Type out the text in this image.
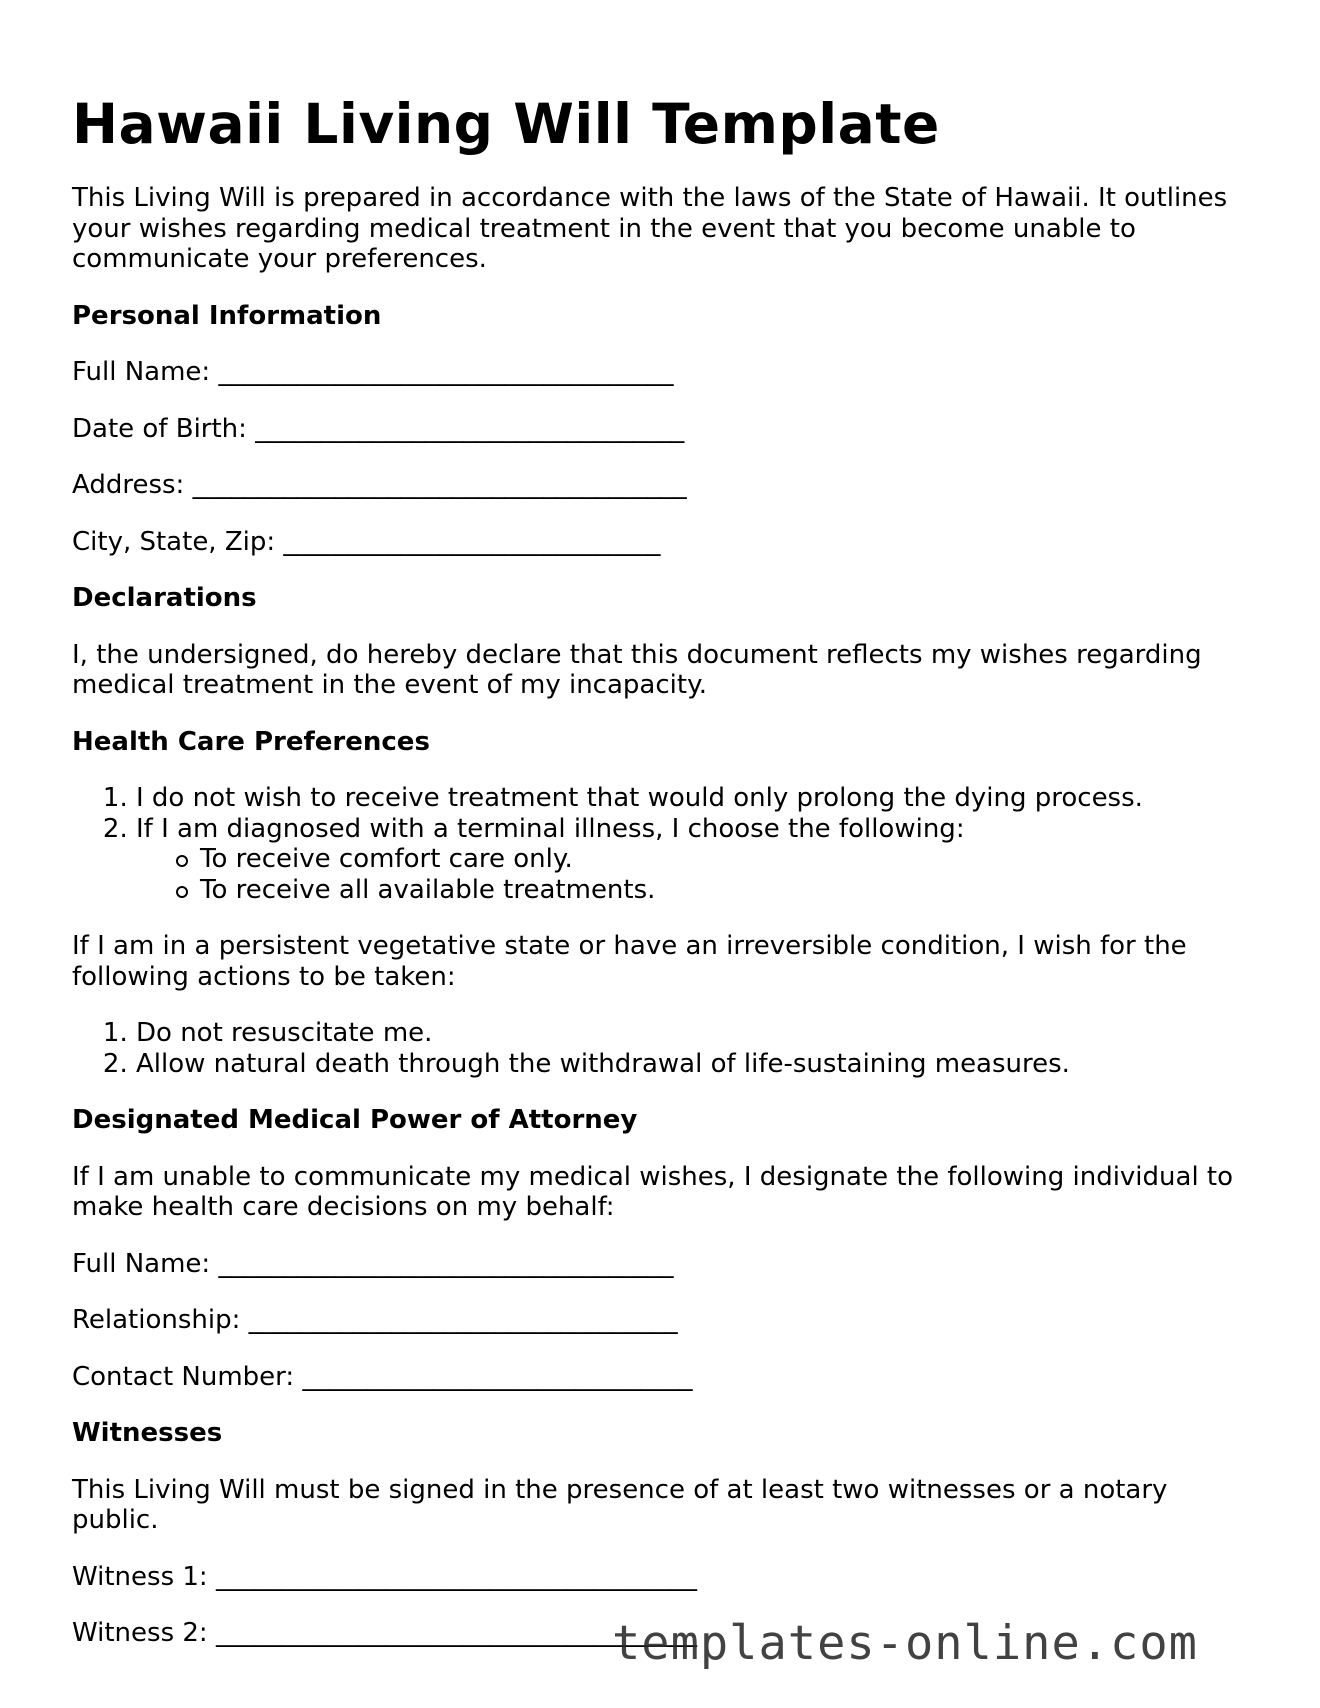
Hawaii Living Will Template

This Living Will is prepared in accordance with the laws of the State of Hawaii. It outlines your wishes regarding medical treatment in the event that you become unable to communicate your preferences.

Personal Information
Full Name: ___________________________________
Date of Birth: _________________________________
Address: ______________________________________
City, State, Zip: _____________________________
Declarations

I, the undersigned, do hereby declare that this document reflects my wishes regarding medical treatment in the event of my incapacity.

Health Care Preferences
1. I do not wish to receive treatment that would only prolong the dying process.
2. If I am diagnosed with a terminal illness, I choose the following:
To receive comfort care only.
To receive all available treatments.

If I am in a persistent vegetative state or have an irreversible condition, I wish for the following actions to be taken:

1. Do not resuscitate me.
2. Allow natural death through the withdrawal of life-sustaining measures.
Designated Medical Power of Attorney

If I am unable to communicate my medical wishes, I designate the following individual to make health care decisions on my behalf:

Full Name: ___________________________________
Relationship: _________________________________
Contact Number: ______________________________
Witnesses

This Living Will must be signed in the presence of at least two witnesses or a notary public.

Witness 1: _____________________________________
Witness 2: _____________________________________
templates-online.com
